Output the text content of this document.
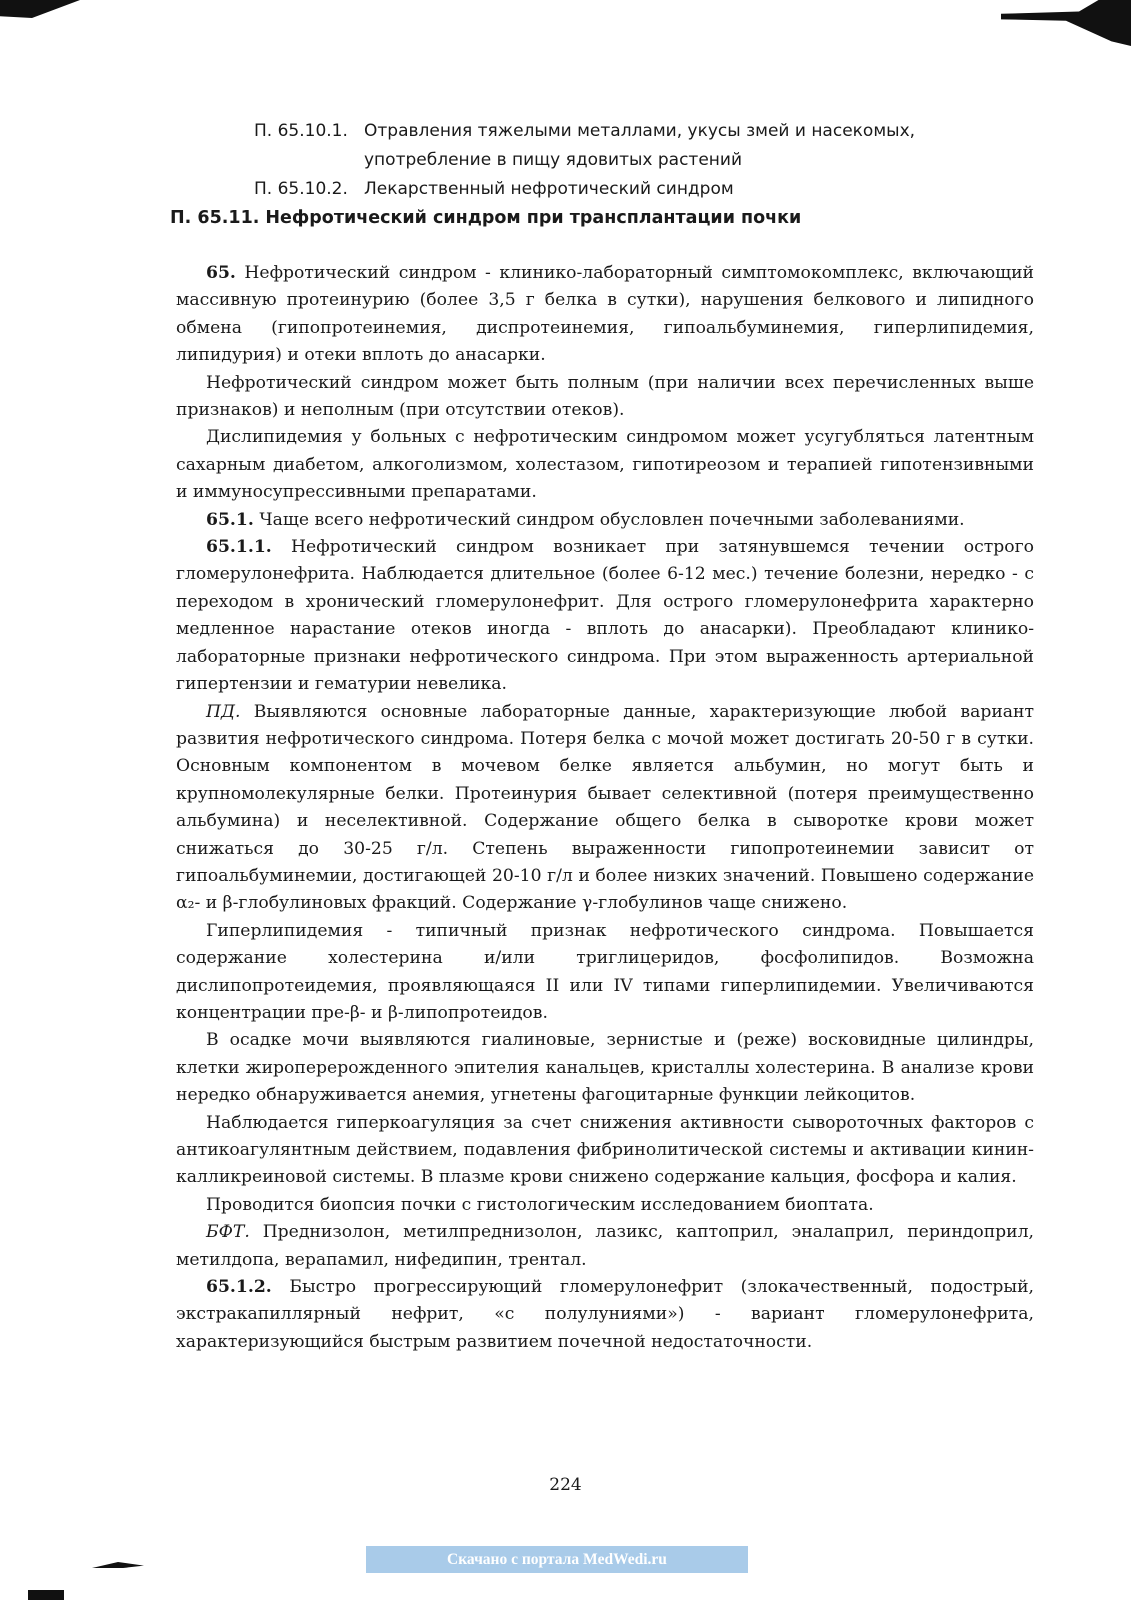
П. 65.10.1. Отравления тяжелыми металлами, укусы змей и насекомых,
употребление в пищу ядовитых растений
П. 65.10.2. Лекарственный нефротический синдром
П. 65.11. Нефротический синдром при трансплантации почки

65. Нефротический синдром - клинико-лабораторный симптомокомплекс, включающий массивную протеинурию (более 3,5 г белка в сутки), нарушения белкового и липидного обмена (гипопротеинемия, диспротеинемия, гипоальбуминемия, гиперлипидемия, липидурия) и отеки вплоть до анасарки.

Нефротический синдром может быть полным (при наличии всех перечисленных выше признаков) и неполным (при отсутствии отеков).

Дислипидемия у больных с нефротическим синдромом может усугубляться латентным сахарным диабетом, алкоголизмом, холестазом, гипотиреозом и терапией гипотензивными и иммуносупрессивными препаратами.

65.1. Чаще всего нефротический синдром обусловлен почечными заболеваниями.

65.1.1. Нефротический синдром возникает при затянувшемся течении острого гломерулонефрита. Наблюдается длительное (более 6-12 мес.) течение болезни, нередко - с переходом в хронический гломерулонефрит. Для острого гломерулонефрита характерно медленное нарастание отеков иногда - вплоть до анасарки). Преобладают клинико-лабораторные признаки нефротического синдрома. При этом выраженность артериальной гипертензии и гематурии невелика.

ПД. Выявляются основные лабораторные данные, характеризующие любой вариант развития нефротического синдрома. Потеря белка с мочой может достигать 20-50 г в сутки. Основным компонентом в мочевом белке является альбумин, но могут быть и крупномолекулярные белки. Протеинурия бывает селективной (потеря преимущественно альбумина) и неселективной. Содержание общего белка в сыворотке крови может снижаться до 30-25 г/л. Степень выраженности гипопротеинемии зависит от гипоальбуминемии, достигающей 20-10 г/л и более низких значений. Повышено содержание α₂- и β-глобулиновых фракций. Содержание γ-глобулинов чаще снижено.

Гиперлипидемия - типичный признак нефротического синдрома. Повышается содержание холестерина и/или триглицеридов, фосфолипидов. Возможна дислипопротеидемия, проявляющаяся II или IV типами гиперлипидемии. Увеличиваются концентрации пре-β- и β-липопротеидов.

В осадке мочи выявляются гиалиновые, зернистые и (реже) восковидные цилиндры, клетки жироперерожденного эпителия канальцев, кристаллы холестерина. В анализе крови нередко обнаруживается анемия, угнетены фагоцитарные функции лейкоцитов.

Наблюдается гиперкоагуляция за счет снижения активности сывороточных факторов с антикоагулянтным действием, подавления фибринолитической системы и активации кинин-калликреиновой системы. В плазме крови снижено содержание кальция, фосфора и калия.

Проводится биопсия почки с гистологическим исследованием биоптата.

БФТ. Преднизолон, метилпреднизолон, лазикс, каптоприл, эналаприл, периндоприл, метилдопа, верапамил, нифедипин, трентал.

65.1.2. Быстро прогрессирующий гломерулонефрит (злокачественный, подострый, экстракапиллярный нефрит, «с полулуниями») - вариант гломерулонефрита, характеризующийся быстрым развитием почечной недостаточности.

224
Скачано с портала MedWedi.ru
